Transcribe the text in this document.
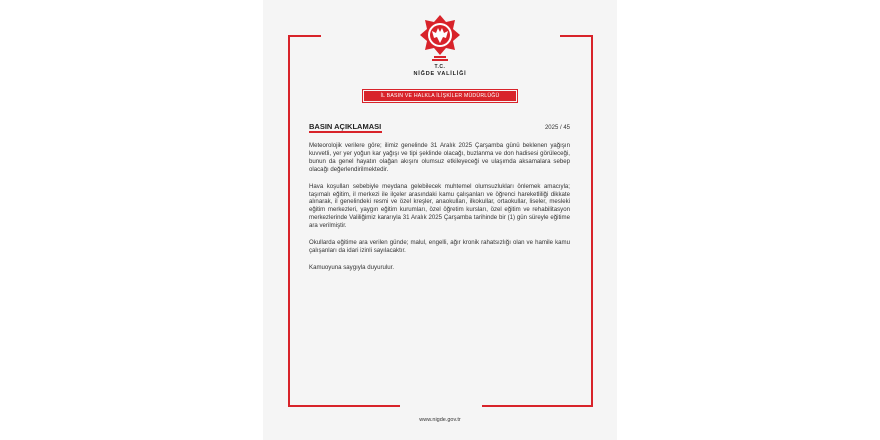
T.C.
NİĞDE VALİLİĞİ
İL BASIN VE HALKLA İLİŞKİLER MÜDÜRLÜĞÜ
BASIN AÇIKLAMASI	2025 / 45

Meteorolojik verilere göre; ilimiz genelinde 31 Aralık 2025 Çarşamba günü beklenen yağışın kuvvetli, yer yer yoğun kar yağışı ve tipi şeklinde olacağı, buzlanma ve don hadisesi görüleceği, bunun da genel hayatın olağan akışını olumsuz etkileyeceği ve ulaşımda aksamalara sebep olacağı değerlendirilmektedir.

Hava koşulları sebebiyle meydana gelebilecek muhtemel olumsuzlukları önlemek amacıyla; taşımalı eğitim, il merkezi ile ilçeler arasındaki kamu çalışanları ve öğrenci hareketliliği dikkate alınarak, il genelindeki resmi ve özel kreşler, anaokulları, ilkokullar, ortaokullar, liseler, mesleki eğitim merkezleri, yaygın eğitim kurumları, özel öğretim kursları, özel eğitim ve rehabilitasyon merkezlerinde Valiliğimiz kararıyla 31 Aralık 2025 Çarşamba tarihinde bir (1) gün süreyle eğitime ara verilmiştir.

Okullarda eğitime ara verilen günde; malul, engelli, ağır kronik rahatsızlığı olan ve hamile kamu çalışanları da idari izinli sayılacaktır.

Kamuoyuna saygıyla duyurulur.

www.nigde.gov.tr
